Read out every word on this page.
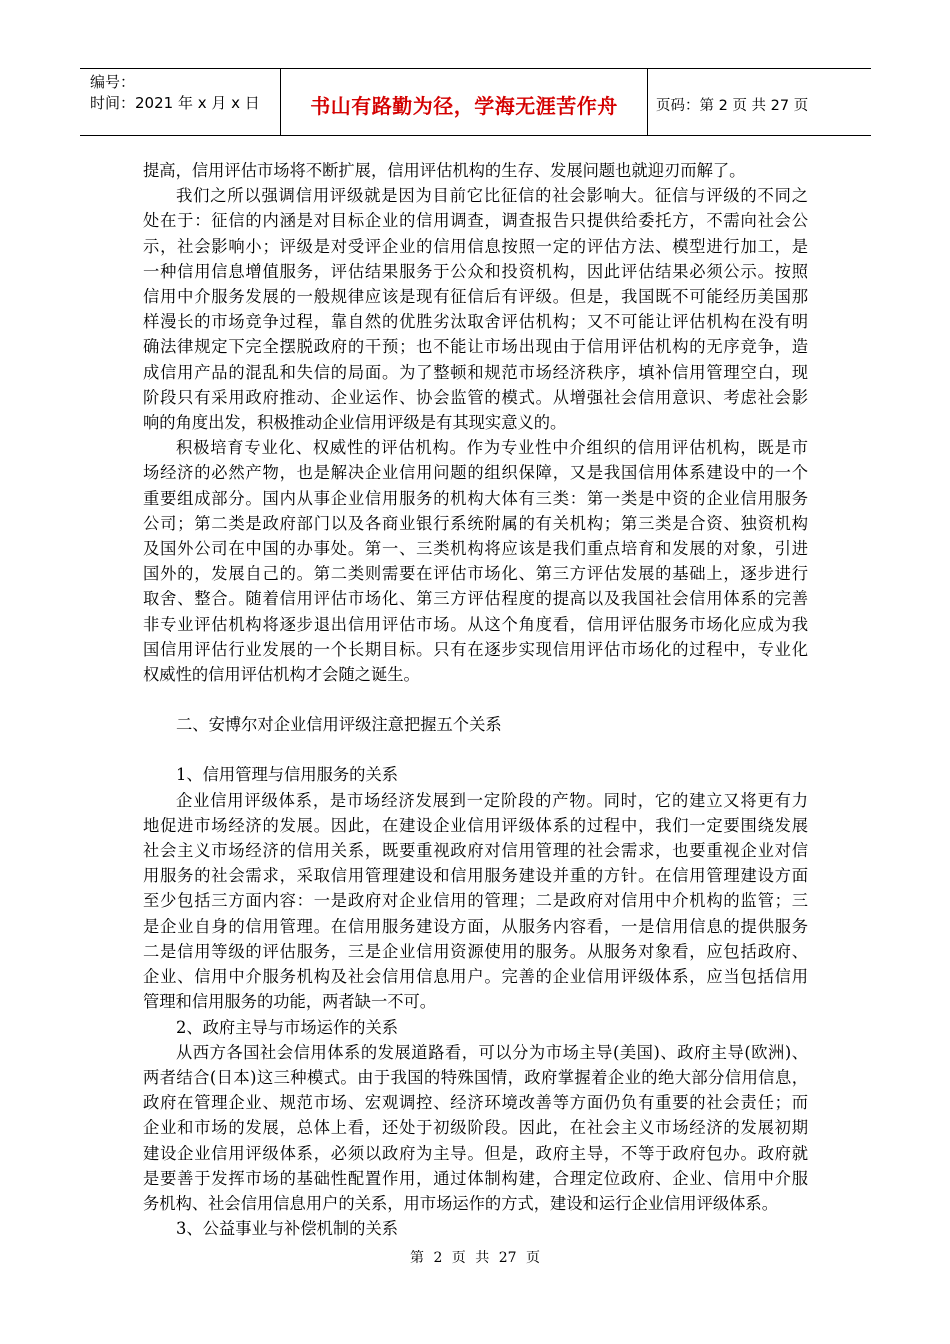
编号：
时间：2021 年 x 月 x 日	书山有路勤为径，学海无涯苦作舟	页码：第 2 页 共 27 页

提高，信用评估市场将不断扩展，信用评估机构的生存、发展问题也就迎刃而解了。

我们之所以强调信用评级就是因为目前它比征信的社会影响大。征信与评级的不同之

处在于：征信的内涵是对目标企业的信用调查，调查报告只提供给委托方，不需向社会公

示，社会影响小；评级是对受评企业的信用信息按照一定的评估方法、模型进行加工，是

一种信用信息增值服务，评估结果服务于公众和投资机构，因此评估结果必须公示。按照

信用中介服务发展的一般规律应该是现有征信后有评级。但是，我国既不可能经历美国那

样漫长的市场竞争过程，靠自然的优胜劣汰取舍评估机构；又不可能让评估机构在没有明

确法律规定下完全摆脱政府的干预；也不能让市场出现由于信用评估机构的无序竞争，造

成信用产品的混乱和失信的局面。为了整顿和规范市场经济秩序，填补信用管理空白，现

阶段只有采用政府推动、企业运作、协会监管的模式。从增强社会信用意识、考虑社会影

响的角度出发，积极推动企业信用评级是有其现实意义的。

积极培育专业化、权威性的评估机构。作为专业性中介组织的信用评估机构，既是市

场经济的必然产物，也是解决企业信用问题的组织保障，又是我国信用体系建设中的一个

重要组成部分。国内从事企业信用服务的机构大体有三类：第一类是中资的企业信用服务

公司；第二类是政府部门以及各商业银行系统附属的有关机构；第三类是合资、独资机构

及国外公司在中国的办事处。第一、三类机构将应该是我们重点培育和发展的对象，引进

国外的，发展自己的。第二类则需要在评估市场化、第三方评估发展的基础上，逐步进行

取舍、整合。随着信用评估市场化、第三方评估程度的提高以及我国社会信用体系的完善

非专业评估机构将逐步退出信用评估市场。从这个角度看，信用评估服务市场化应成为我

国信用评估行业发展的一个长期目标。只有在逐步实现信用评估市场化的过程中，专业化

权威性的信用评估机构才会随之诞生。

二、安博尔对企业信用评级注意把握五个关系

1、信用管理与信用服务的关系

企业信用评级体系，是市场经济发展到一定阶段的产物。同时，它的建立又将更有力

地促进市场经济的发展。因此，在建设企业信用评级体系的过程中，我们一定要围绕发展

社会主义市场经济的信用关系，既要重视政府对信用管理的社会需求，也要重视企业对信

用服务的社会需求，采取信用管理建设和信用服务建设并重的方针。在信用管理建设方面

至少包括三方面内容：一是政府对企业信用的管理；二是政府对信用中介机构的监管；三

是企业自身的信用管理。在信用服务建设方面，从服务内容看，一是信用信息的提供服务

二是信用等级的评估服务，三是企业信用资源使用的服务。从服务对象看，应包括政府、

企业、信用中介服务机构及社会信用信息用户。完善的企业信用评级体系，应当包括信用

管理和信用服务的功能，两者缺一不可。

2、政府主导与市场运作的关系

从西方各国社会信用体系的发展道路看，可以分为市场主导(美国)、政府主导(欧洲)、

两者结合(日本)这三种模式。由于我国的特殊国情，政府掌握着企业的绝大部分信用信息，

政府在管理企业、规范市场、宏观调控、经济环境改善等方面仍负有重要的社会责任；而

企业和市场的发展，总体上看，还处于初级阶段。因此，在社会主义市场经济的发展初期

建设企业信用评级体系，必须以政府为主导。但是，政府主导，不等于政府包办。政府就

是要善于发挥市场的基础性配置作用，通过体制构建，合理定位政府、企业、信用中介服

务机构、社会信用信息用户的关系，用市场运作的方式，建设和运行企业信用评级体系。

3、公益事业与补偿机制的关系

第 2 页 共 27 页
